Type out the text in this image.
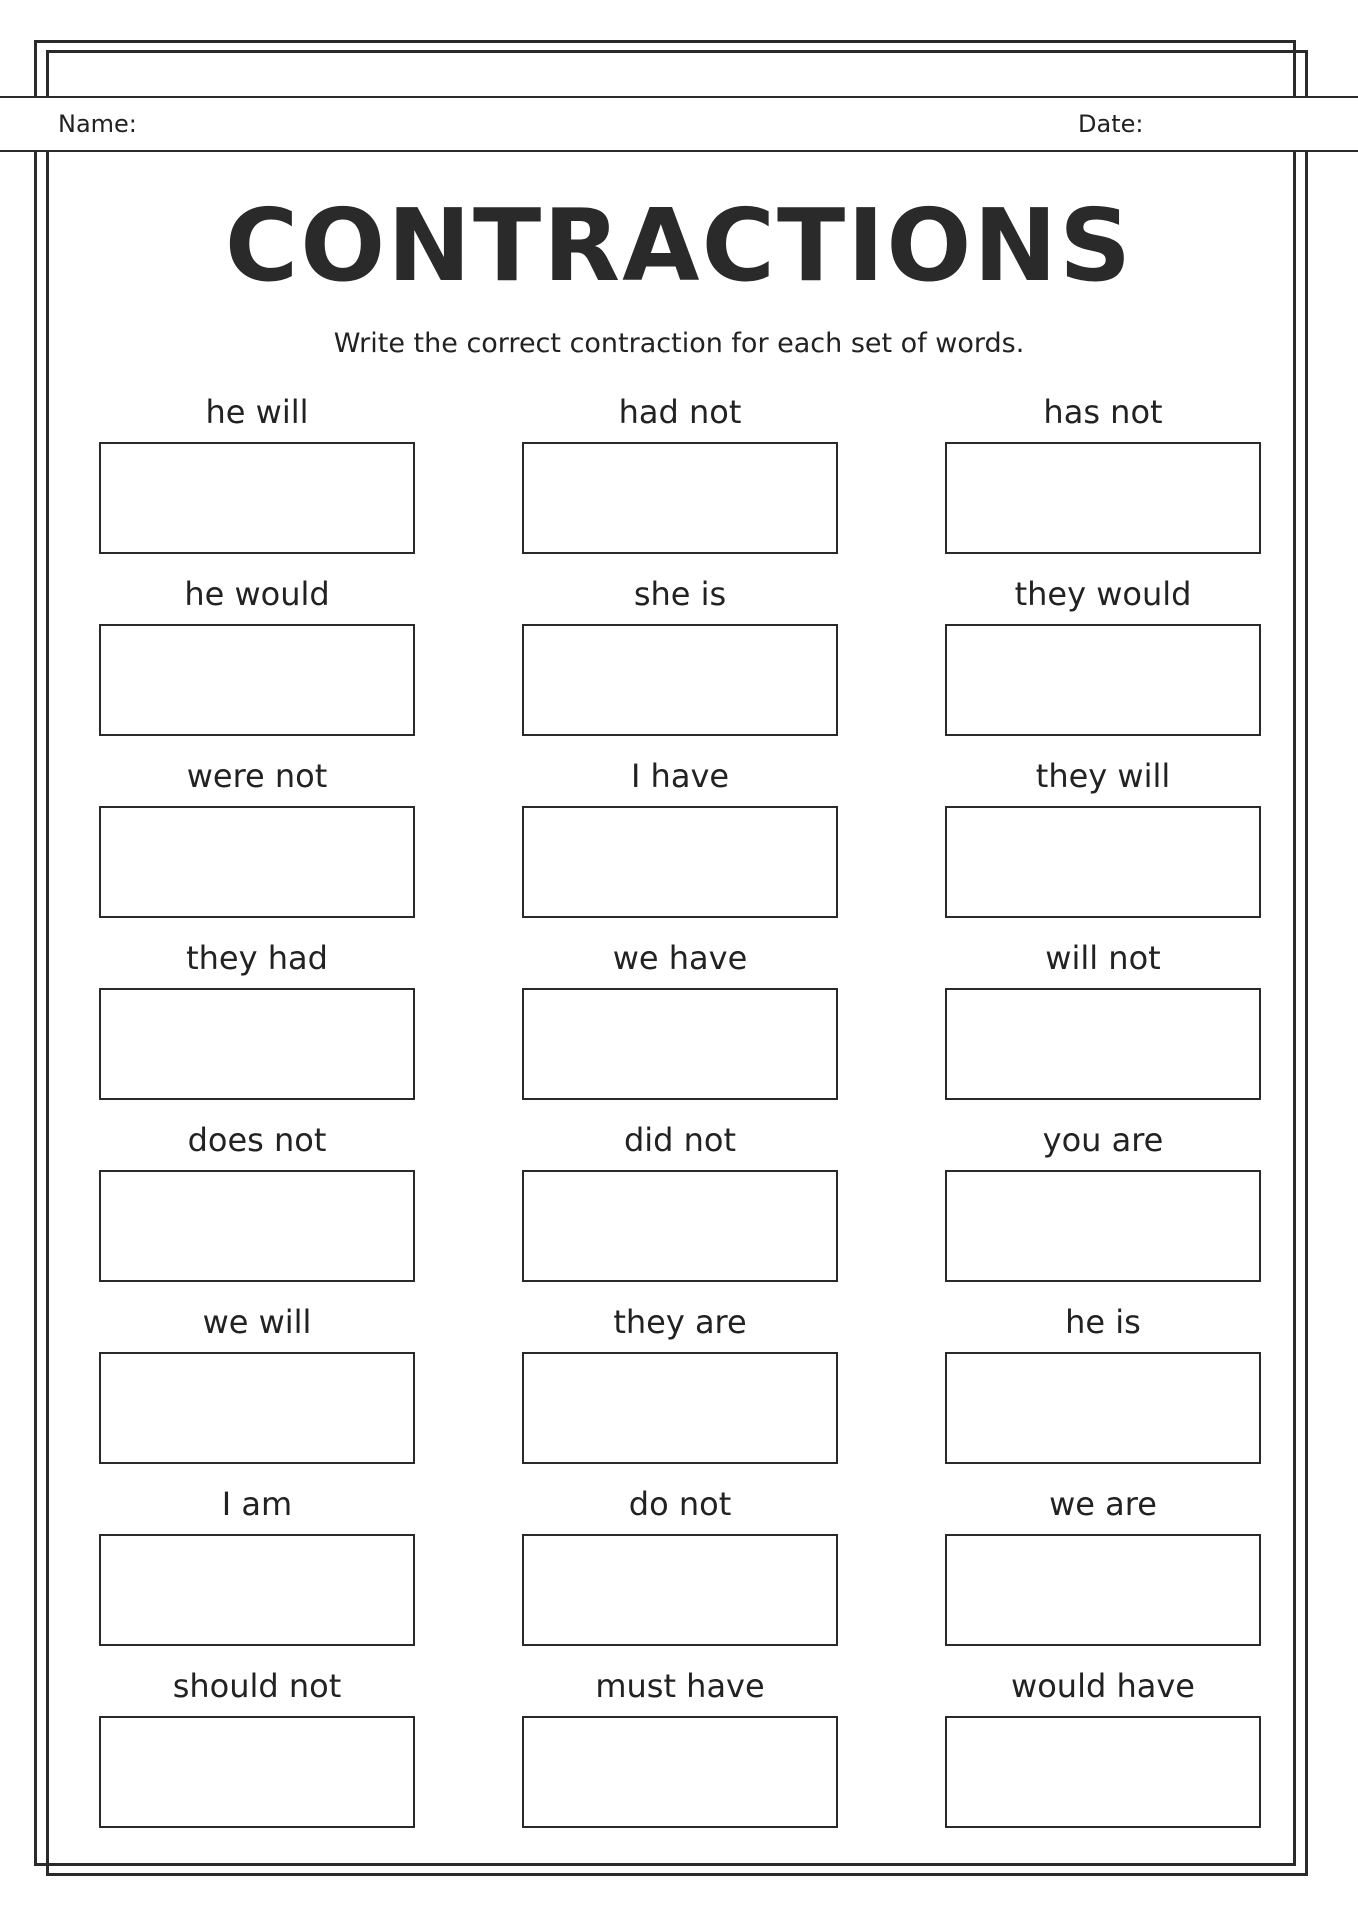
Name:	Date:
CONTRACTIONS
Write the correct contraction for each set of words.
he will	had not	has not
he would	she is	they would
were not	I have	they will
they had	we have	will not
does not	did not	you are
we will	they are	he is
I am	do not	we are
should not	must have	would have
